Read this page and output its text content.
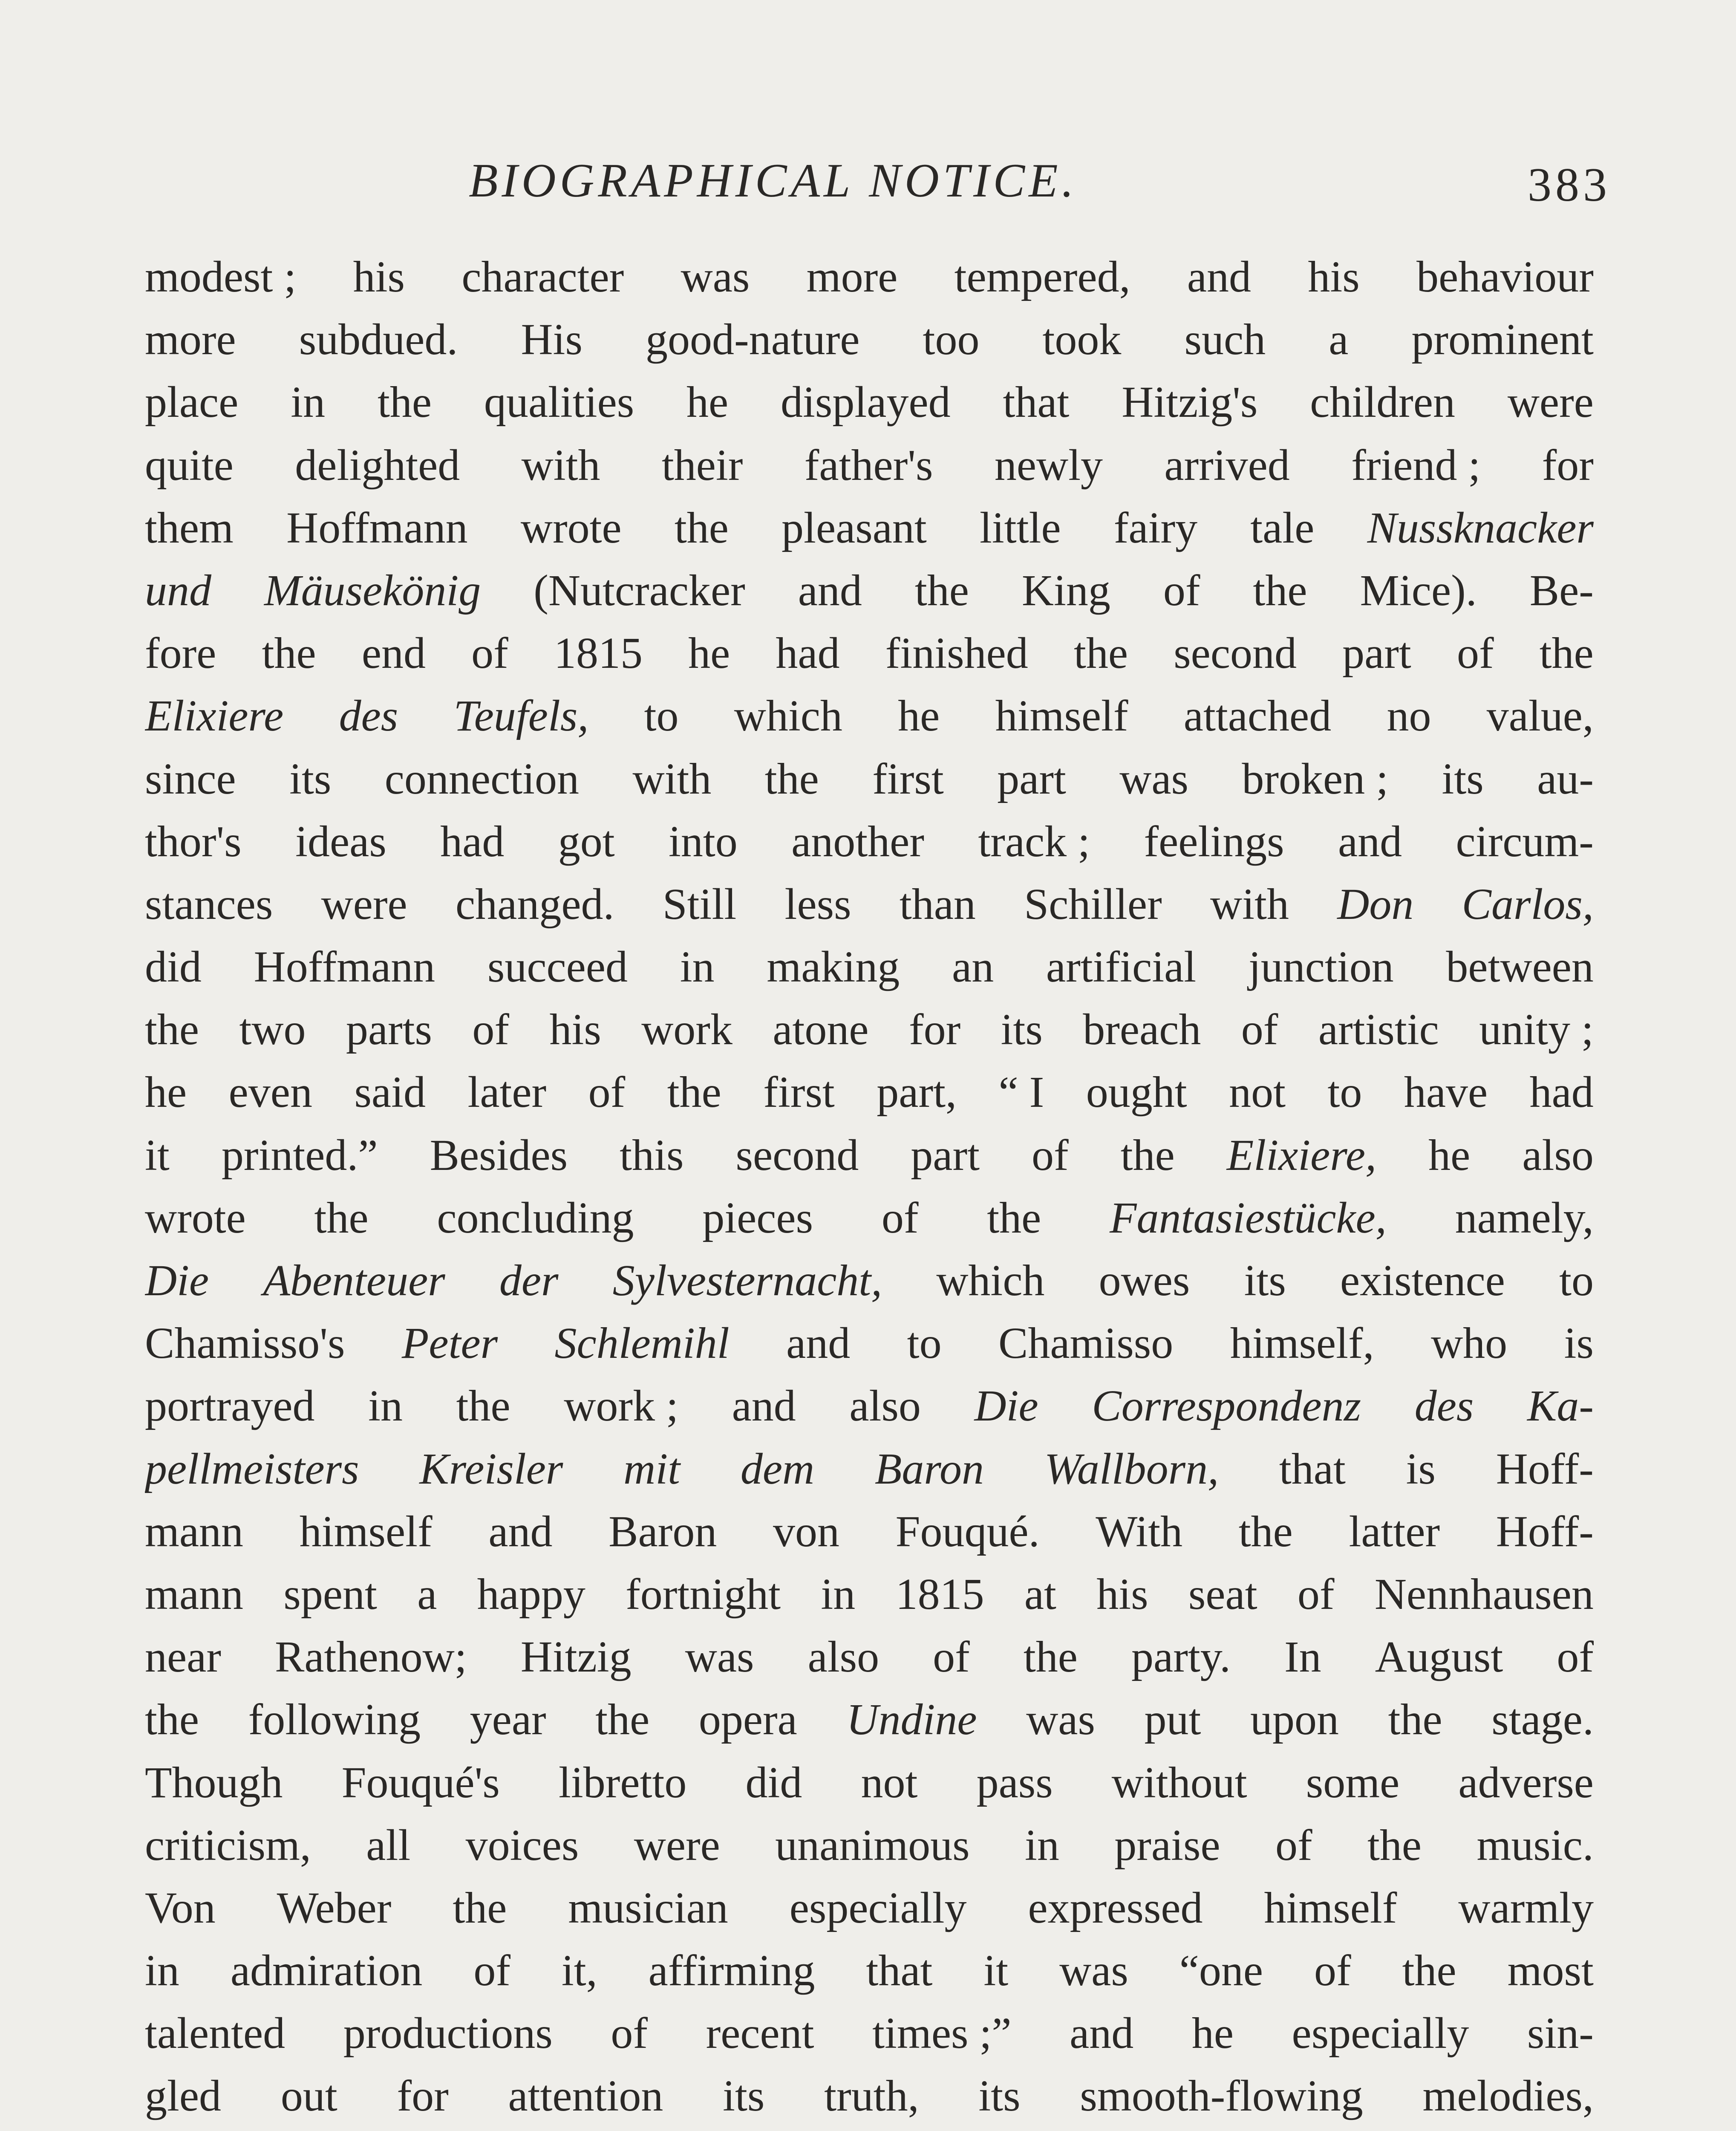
BIOGRAPHICAL NOTICE.	383
modest ; his character was more tempered, and his behaviour
more subdued. His good-nature too took such a prominent
place in the qualities he displayed that Hitzig's children were
quite delighted with their father's newly arrived friend ; for
them Hoffmann wrote the pleasant little fairy tale Nussknacker
und Mäusekönig (Nutcracker and the King of the Mice). Be-
fore the end of 1815 he had finished the second part of the
Elixiere des Teufels, to which he himself attached no value,
since its connection with the first part was broken ; its au-
thor's ideas had got into another track ; feelings and circum-
stances were changed. Still less than Schiller with Don Carlos,
did Hoffmann succeed in making an artificial junction between
the two parts of his work atone for its breach of artistic unity ;
he even said later of the first part, “ I ought not to have had
it printed.” Besides this second part of the Elixiere, he also
wrote the concluding pieces of the Fantasiestücke, namely,
Die Abenteuer der Sylvesternacht, which owes its existence to
Chamisso's Peter Schlemihl and to Chamisso himself, who is
portrayed in the work ; and also Die Correspondenz des Ka-
pellmeisters Kreisler mit dem Baron Wallborn, that is Hoff-
mann himself and Baron von Fouqué. With the latter Hoff-
mann spent a happy fortnight in 1815 at his seat of Nennhausen
near Rathenow; Hitzig was also of the party. In August of
the following year the opera Undine was put upon the stage.
Though Fouqué's libretto did not pass without some adverse
criticism, all voices were unanimous in praise of the music.
Von Weber the musician especially expressed himself warmly
in admiration of it, affirming that it was “one of the most
talented productions of recent times ;” and he especially sin-
gled out for attention its truth, its smooth-flowing melodies,
